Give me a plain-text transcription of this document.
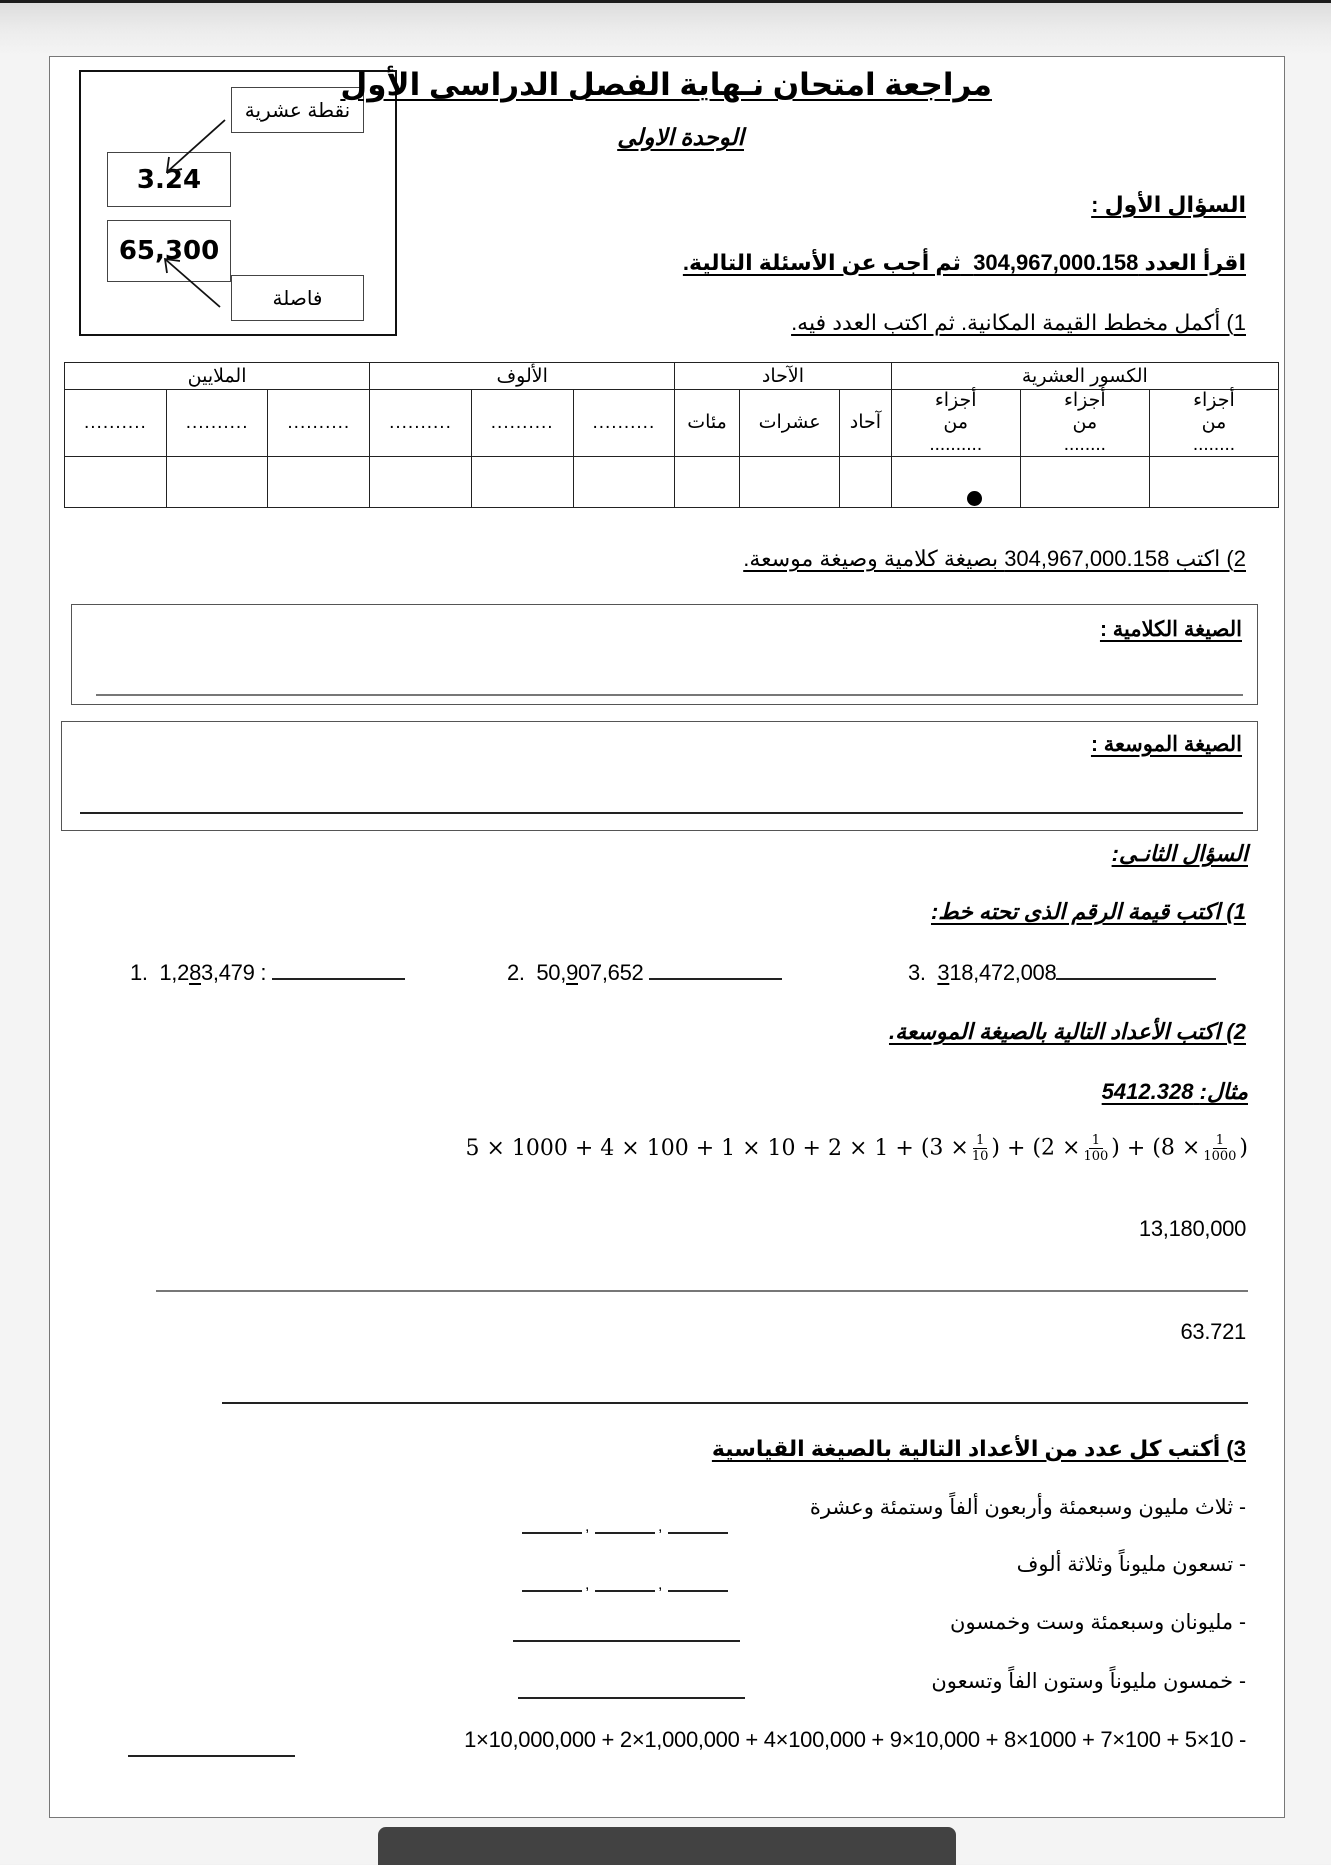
نقطة عشرية
3.24
65,300
فاصلة
مراجعة امتحان نـهاية الفصل الدراسى الأول
الوحدة الاولى
السؤال الأول :
اقرأ العدد 304,967,000.158  ثم أجب عن الأسئلة التالية.
1) أكمل مخطط القيمة المكانية. ثم اكتب العدد فيه.
الكسور العشرية			الآحاد			الألوف			الملايين		
أجزاء من ........	أجزاء من ........	أجزاء من ..........	آحاد	عشرات	مئات	..........	..........	..........	..........	..........	..........

2) اكتب 304,967,000.158 بصيغة كلامية وصيغة موسعة.
الصيغة الكلامية :
الصيغة الموسعة :
السؤال الثانـى:
1) اكتب قيمة الرقم الذى تحته خط:
1. 1,283,479 :	2. 50,907,652	3. 318,472,008
2) اكتب الأعداد التالية بالصيغة الموسعة.
مثال: 5412.328
$5 \times 1000 + 4 \times 100 + 1 \times 10 + 2 \times 1 + (3 \times \frac{1}{10}$ ) + ($2 \times \frac{1}{100}$ ) + ($8 \times \frac{1}{1000}$ )
13,180,000
63.721
3) أكتب كل عدد من الأعداد التالية بالصيغة القياسية
- ثلاث مليون وسبعمئة وأربعون ألفاً وستمئة وعشرة
,	,
- تسعون مليوناً وثلاثة ألوف
,	,
- مليونان وسبعمئة وست وخمسون
- خمسون مليوناً وستون الفاً وتسعون
1×10,000,000 + 2×1,000,000 + 4×100,000 + 9×10,000 + 8×1000 + 7×100 + 5×10 -
